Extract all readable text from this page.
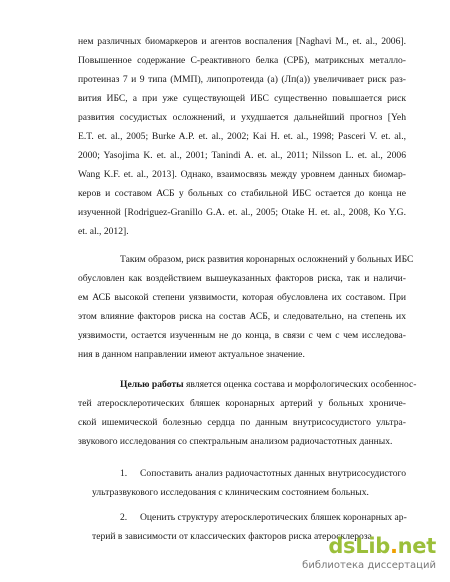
нем различных биомаркеров и агентов воспаления [Naghavi M., et. al., 2006].
Повышенное содержание С-реактивного белка (СРБ), матриксных металло-
протеиназ 7 и 9 типа (ММП), липопротеида (а) (Лп(а)) увеличивает риск раз-
вития ИБС, а при уже существующей ИБС существенно повышается риск
развития сосудистых осложнений, и ухудшается дальнейший прогноз [Yeh
E.T. et. al., 2005; Burke A.P. et. al., 2002; Kai H. et. al., 1998; Pasceri V. et. al.,
2000; Yasojima K. et. al., 2001; Tanindi A. et. al., 2011; Nilsson L. et. al., 2006
Wang K.F. et. al., 2013]. Однако, взаимосвязь между уровнем данных биомар-
керов и составом АСБ у больных со стабильной ИБС остается до конца не
изученной [Rodriguez-Granillo G.A. et. al., 2005; Otake H. et. al., 2008, Ko Y.G.
et. al., 2012].
Таким образом, риск развития коронарных осложнений у больных ИБС
обусловлен как воздействием вышеуказанных факторов риска, так и наличи-
ем АСБ высокой степени уязвимости, которая обусловлена их составом. При
этом влияние факторов риска на состав АСБ, и следовательно, на степень их
уязвимости, остается изученным не до конца, в связи с чем с чем исследова-
ния в данном направлении имеют актуальное значение.
Целью работы является оценка состава и морфологических особеннос-
тей атеросклеротических бляшек коронарных артерий у больных хрониче-
ской ишемической болезнью сердца по данным внутрисосудистого ультра-
звукового исследования со спектральным анализом радиочастотных данных.
1. Сопоставить анализ радиочастотных данных внутрисосудистого
ультразвукового исследования с клиническим состоянием больных.
2. Оценить структуру атеросклеротических бляшек коронарных ар-
терий в зависимости от классических факторов риска атеросклероза.
dsLib.net
библиотека диссертаций
